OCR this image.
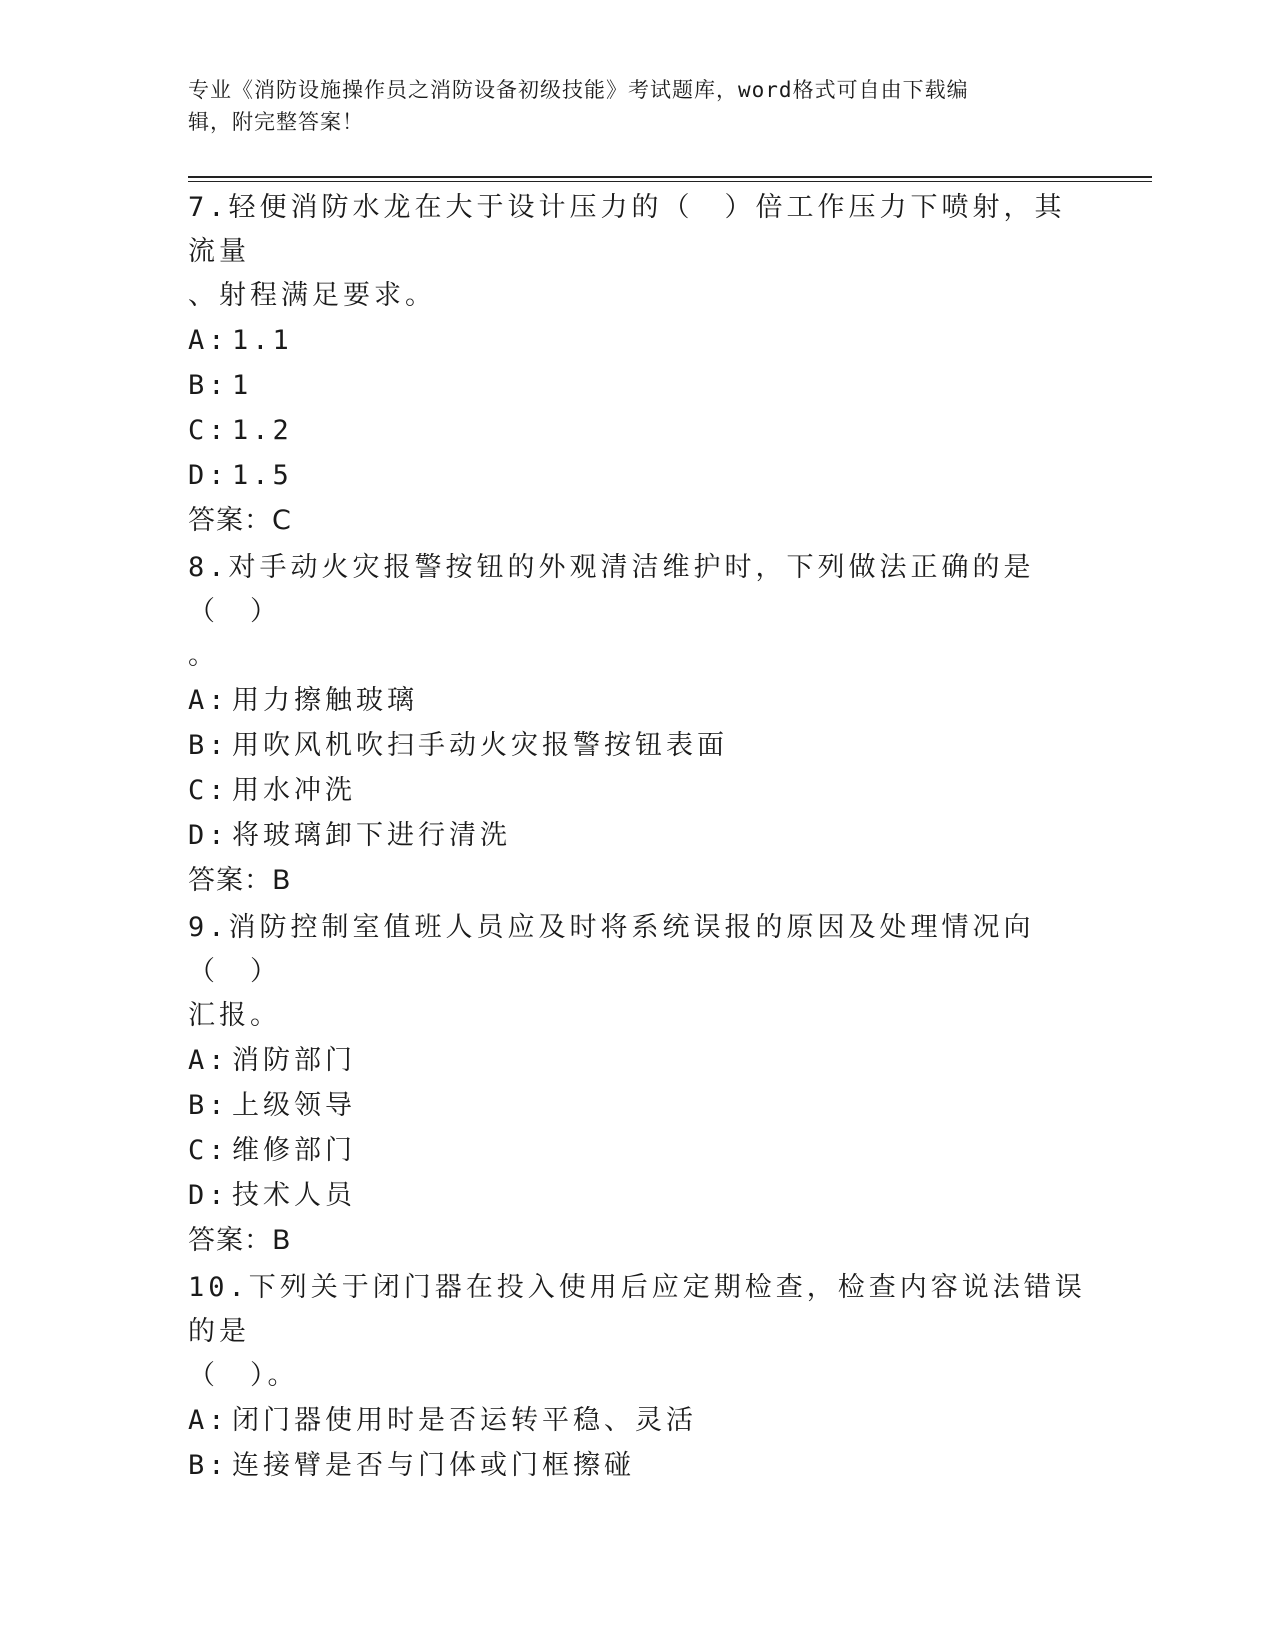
专业《消防设施操作员之消防设备初级技能》考试题库，word格式可自由下载编
辑，附完整答案！

7.轻便消防水龙在大于设计压力的（　）倍工作压力下喷射，其流量

、射程满足要求。

A: 1.1

B: 1

C: 1.2

D: 1.5

答案：C

8.对手动火灾报警按钮的外观清洁维护时，下列做法正确的是（　）

。

A: 用力擦触玻璃

B: 用吹风机吹扫手动火灾报警按钮表面

C: 用水冲洗

D: 将玻璃卸下进行清洗

答案：B

9.消防控制室值班人员应及时将系统误报的原因及处理情况向（　）

汇报。

A: 消防部门

B: 上级领导

C: 维修部门

D: 技术人员

答案：B

10.下列关于闭门器在投入使用后应定期检查，检查内容说法错误的是

（　）。

A: 闭门器使用时是否运转平稳、灵活

B: 连接臂是否与门体或门框擦碰
